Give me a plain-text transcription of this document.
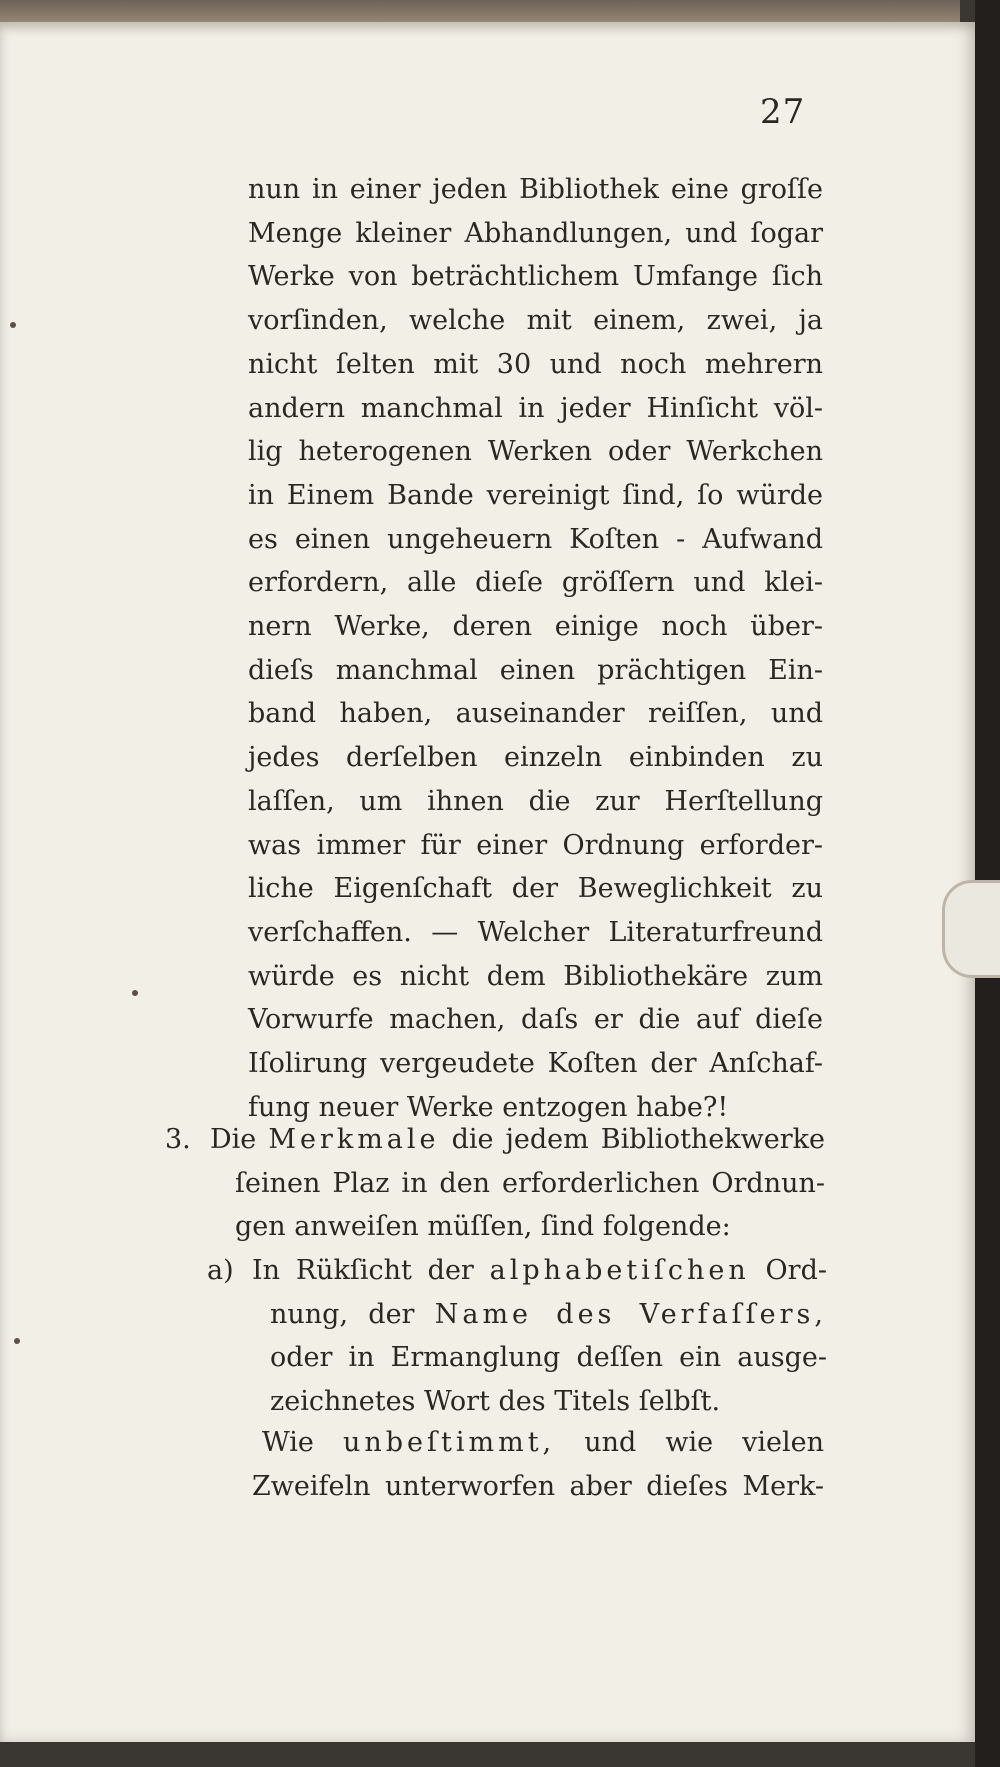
27
nun in einer jeden Bibliothek eine groſſe
Menge kleiner Abhandlungen, und ſogar
Werke von beträchtlichem Umfange ſich
vorſinden, welche mit einem, zwei, ja
nicht ſelten mit 30 und noch mehrern
andern manchmal in jeder Hinſicht völ-
lig heterogenen Werken oder Werkchen
in Einem Bande vereinigt ſind, ſo würde
es einen ungeheuern Koſten - Aufwand
erfordern, alle dieſe gröſſern und klei-
nern Werke, deren einige noch über-
dieſs manchmal einen prächtigen Ein-
band haben, auseinander reiſſen, und
jedes derſelben einzeln einbinden zu
laſſen, um ihnen die zur Herſtellung
was immer für einer Ordnung erforder-
liche Eigenſchaft der Beweglichkeit zu
verſchaffen. — Welcher Literaturfreund
würde es nicht dem Bibliothekäre zum
Vorwurfe machen, daſs er die auf dieſe
Iſolirung vergeudete Koſten der Anſchaf-
fung neuer Werke entzogen habe?!
3. Die Merkmale die jedem Bibliothekwerke
ſeinen Plaz in den erforderlichen Ordnun-
gen anweiſen müſſen, ſind folgende:
a) In Rükſicht der alphabetiſchen Ord-
nung, der Name des Verfaſſers,
oder in Ermanglung deſſen ein ausge-
zeichnetes Wort des Titels ſelbſt.
Wie unbeſtimmt, und wie vielen
Zweifeln unterworfen aber dieſes Merk-
